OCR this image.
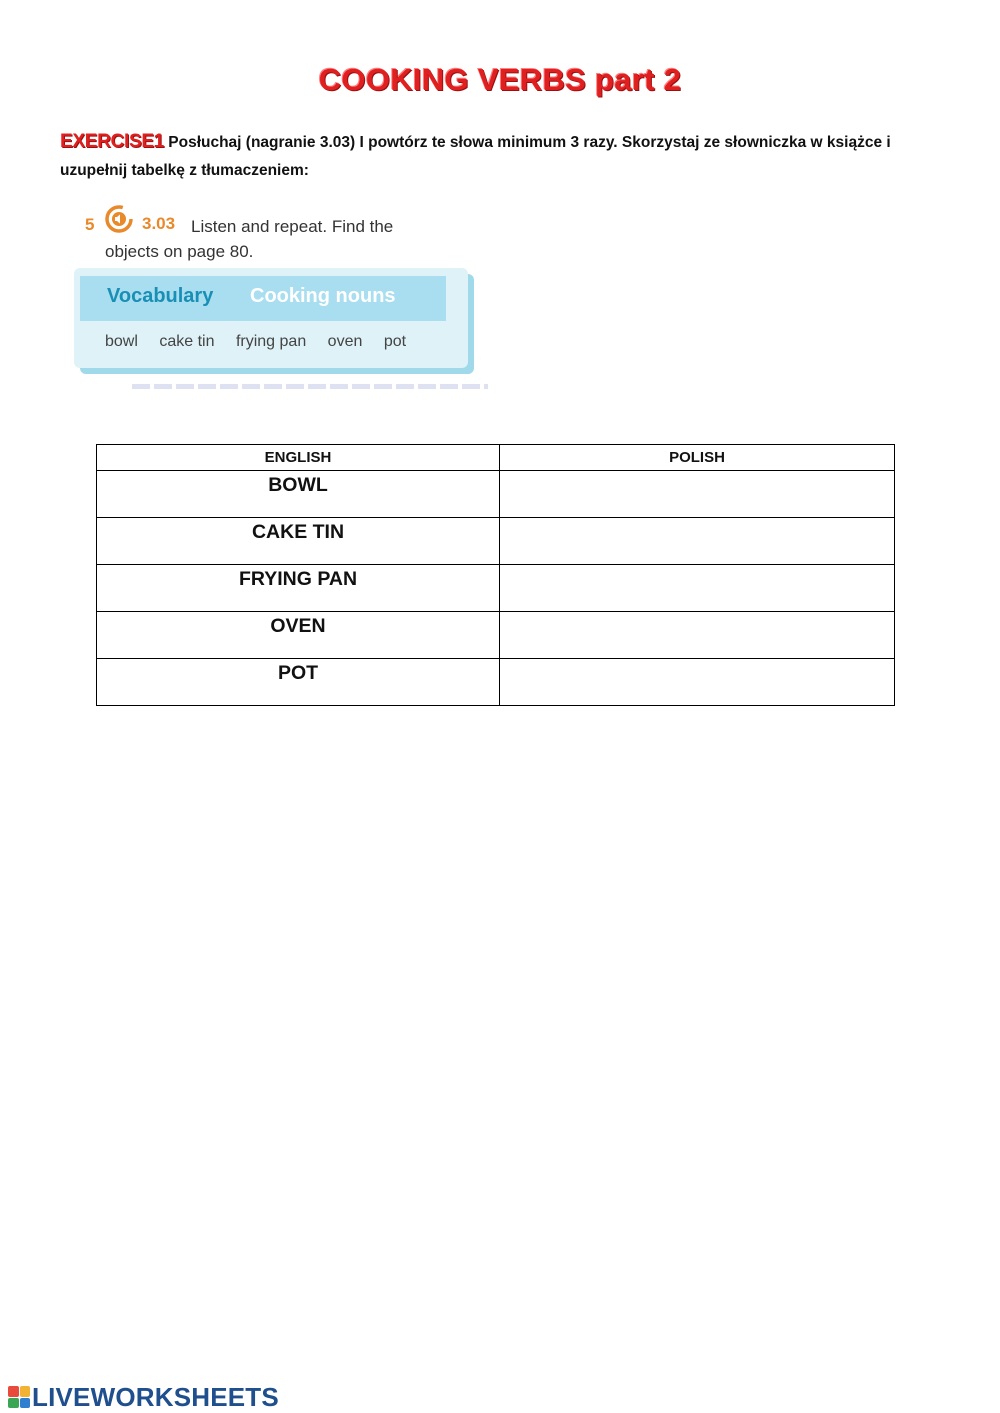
COOKING VERBS part 2
EXERCISE1 Posłuchaj (nagranie 3.03) I powtórz te słowa minimum 3 razy. Skorzystaj ze słowniczka w książce i uzupełnij tabelkę z tłumaczeniem:
5	3.03 Listen and repeat. Find the objects on page 80.
Vocabulary Cooking nouns
bowl cake tin frying pan oven pot
ENGLISH	POLISH
BOWL	
CAKE TIN	
FRYING PAN	
OVEN	
POT	
LIVEWORKSHEETS
